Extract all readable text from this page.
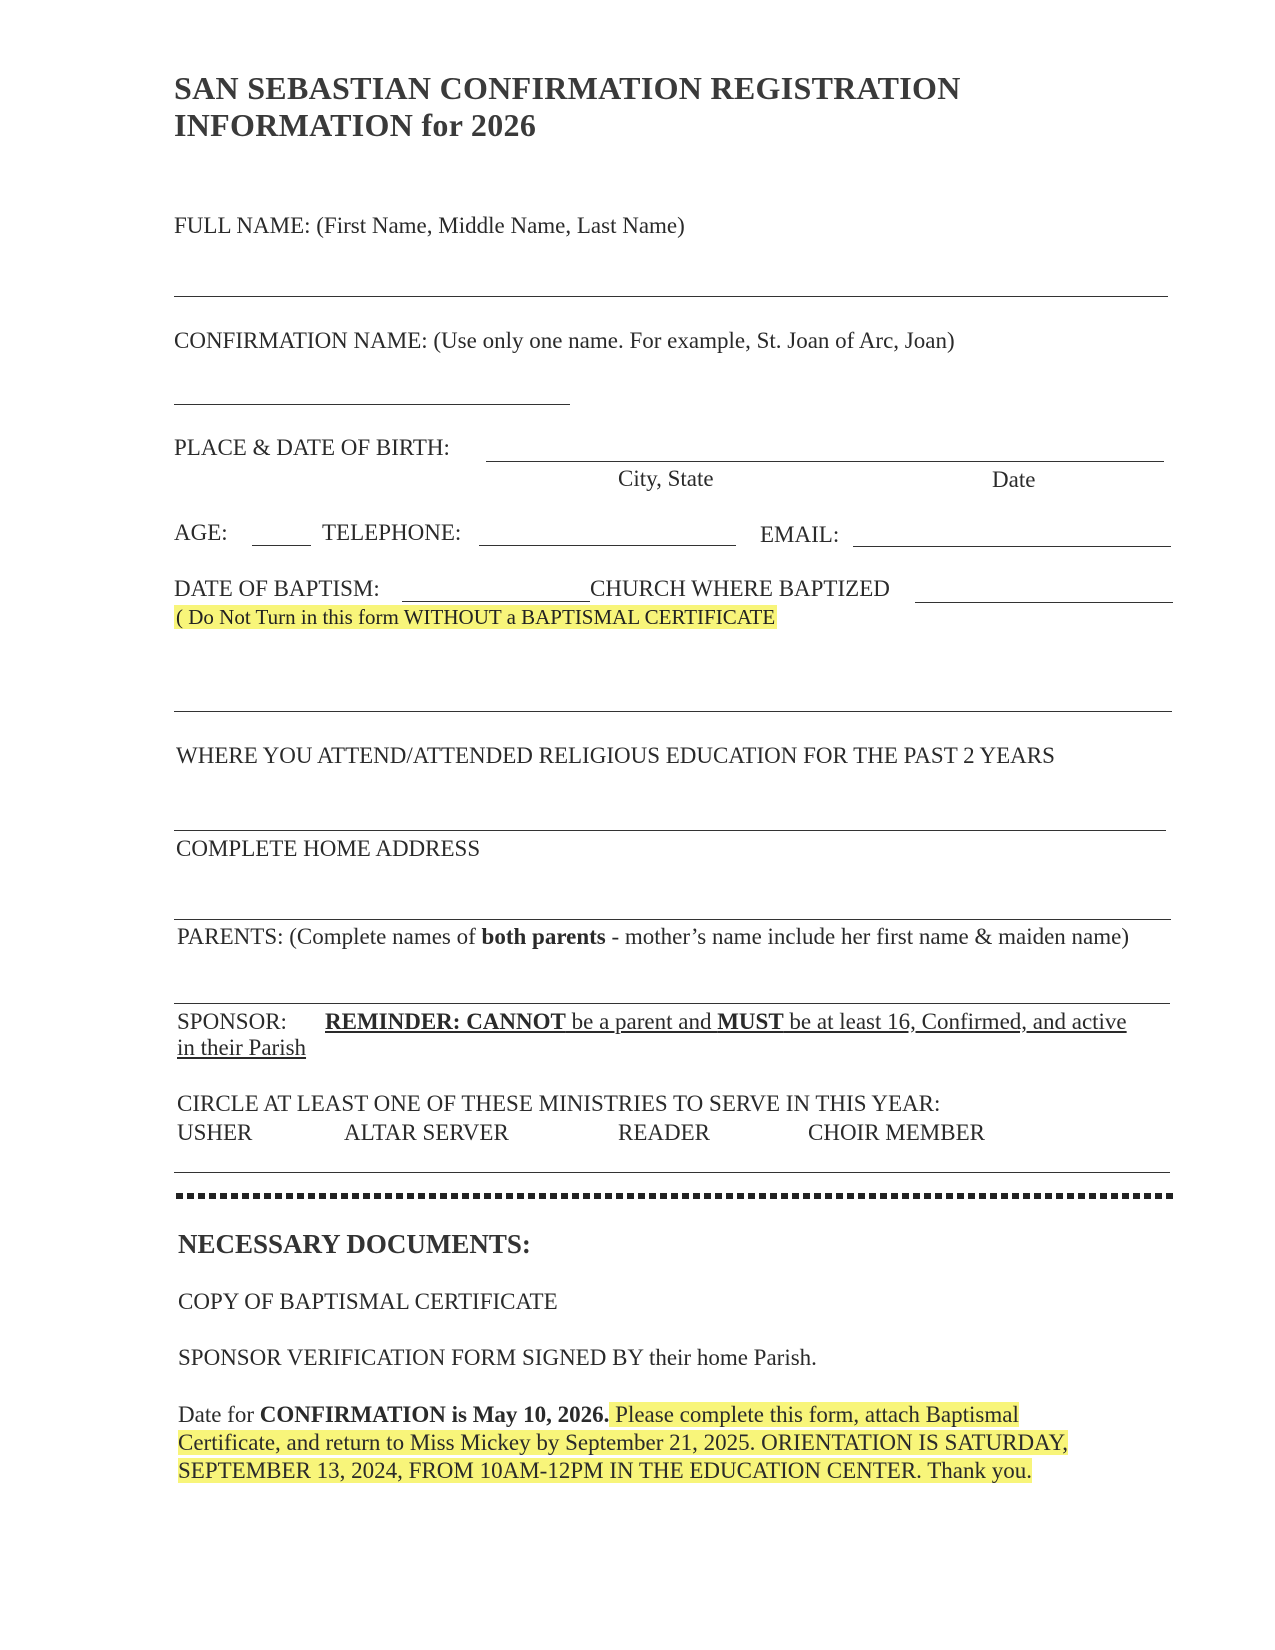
SAN SEBASTIAN CONFIRMATION REGISTRATION
INFORMATION for 2026
FULL NAME: (First Name, Middle Name, Last Name)
CONFIRMATION NAME: (Use only one name. For example, St. Joan of Arc, Joan)
PLACE & DATE OF BIRTH:
City, State	Date
AGE:	TELEPHONE:	EMAIL:
DATE OF BAPTISM:	CHURCH WHERE BAPTIZED
( Do Not Turn in this form WITHOUT a BAPTISMAL CERTIFICATE
WHERE YOU ATTEND/ATTENDED RELIGIOUS EDUCATION FOR THE PAST 2 YEARS
COMPLETE HOME ADDRESS
PARENTS: (Complete names of both parents - mother’s name include her first name & maiden name)
SPONSOR: REMINDER: CANNOT be a parent and MUST be at least 16, Confirmed, and active
in their Parish
CIRCLE AT LEAST ONE OF THESE MINISTRIES TO SERVE IN THIS YEAR:
USHER	ALTAR SERVER	READER	CHOIR MEMBER
NECESSARY DOCUMENTS:
COPY OF BAPTISMAL CERTIFICATE
SPONSOR VERIFICATION FORM SIGNED BY their home Parish.
Date for CONFIRMATION is May 10, 2026. Please complete this form, attach Baptismal
Certificate, and return to Miss Mickey by September 21, 2025. ORIENTATION IS SATURDAY,
SEPTEMBER 13, 2024, FROM 10AM-12PM IN THE EDUCATION CENTER. Thank you.
